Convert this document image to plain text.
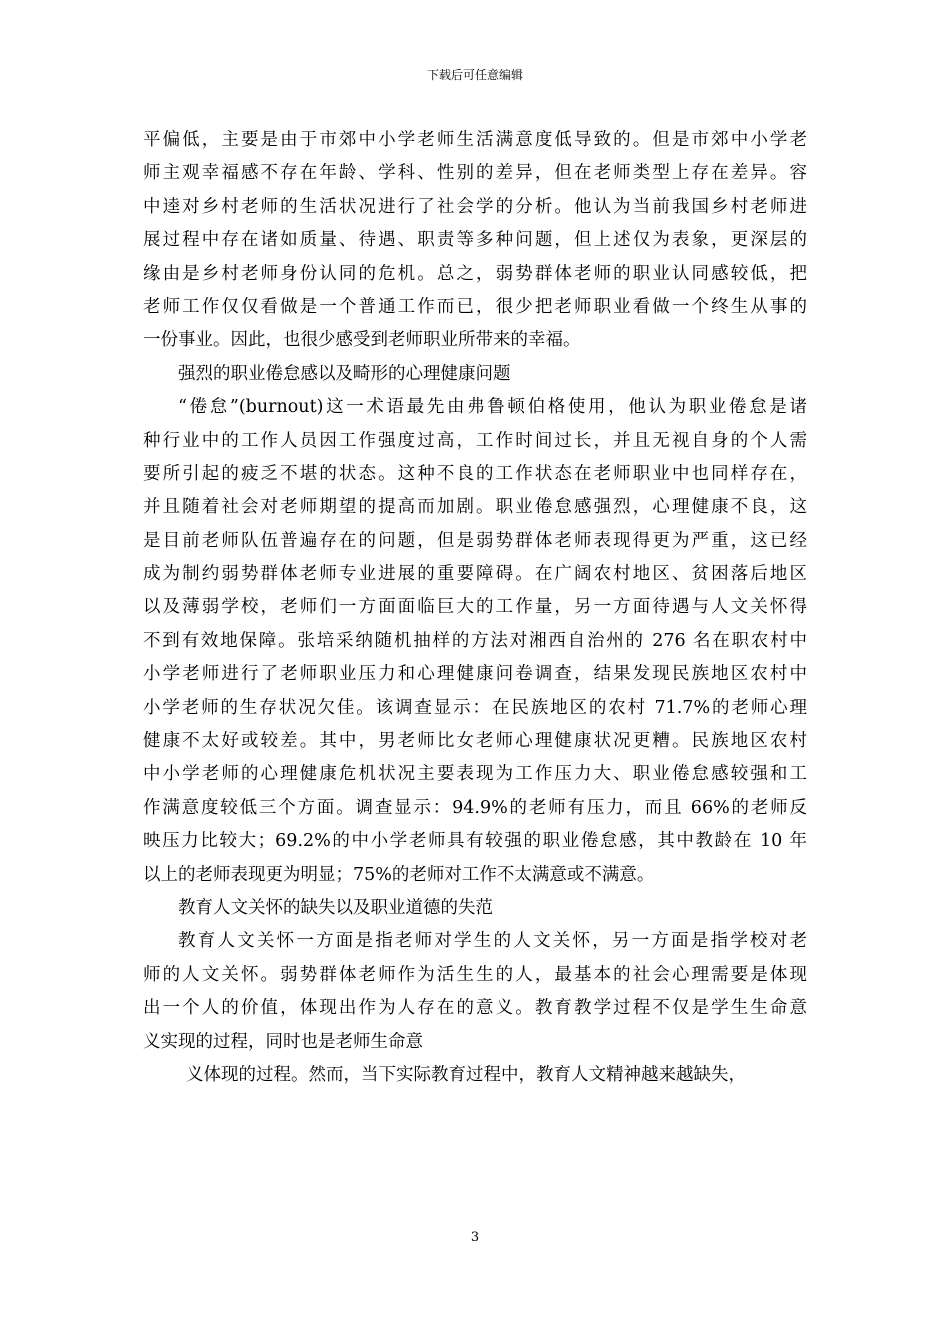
下载后可任意编辑
平偏低，主要是由于市郊中小学老师生活满意度低导致的。但是市郊中小学老
师主观幸福感不存在年龄、学科、性别的差异，但在老师类型上存在差异。容
中逵对乡村老师的生活状况进行了社会学的分析。他认为当前我国乡村老师进
展过程中存在诸如质量、待遇、职责等多种问题，但上述仅为表象，更深层的
缘由是乡村老师身份认同的危机。总之，弱势群体老师的职业认同感较低，把
老师工作仅仅看做是一个普通工作而已，很少把老师职业看做一个终生从事的
一份事业。因此，也很少感受到老师职业所带来的幸福。
强烈的职业倦怠感以及畸形的心理健康问题
“倦怠”(burnout)这一术语最先由弗鲁顿伯格使用，他认为职业倦怠是诸
种行业中的工作人员因工作强度过高，工作时间过长，并且无视自身的个人需
要所引起的疲乏不堪的状态。这种不良的工作状态在老师职业中也同样存在，
并且随着社会对老师期望的提高而加剧。职业倦怠感强烈，心理健康不良，这
是目前老师队伍普遍存在的问题，但是弱势群体老师表现得更为严重，这已经
成为制约弱势群体老师专业进展的重要障碍。在广阔农村地区、贫困落后地区
以及薄弱学校，老师们一方面面临巨大的工作量，另一方面待遇与人文关怀得
不到有效地保障。张培采纳随机抽样的方法对湘西自治州的 276 名在职农村中
小学老师进行了老师职业压力和心理健康问卷调查，结果发现民族地区农村中
小学老师的生存状况欠佳。该调查显示：在民族地区的农村 71.7%的老师心理
健康不太好或较差。其中，男老师比女老师心理健康状况更糟。民族地区农村
中小学老师的心理健康危机状况主要表现为工作压力大、职业倦怠感较强和工
作满意度较低三个方面。调查显示：94.9%的老师有压力，而且 66%的老师反
映压力比较大；69.2%的中小学老师具有较强的职业倦怠感，其中教龄在 10 年
以上的老师表现更为明显；75%的老师对工作不太满意或不满意。
教育人文关怀的缺失以及职业道德的失范
教育人文关怀一方面是指老师对学生的人文关怀，另一方面是指学校对老
师的人文关怀。弱势群体老师作为活生生的人，最基本的社会心理需要是体现
出一个人的价值，体现出作为人存在的意义。教育教学过程不仅是学生生命意
义实现的过程，同时也是老师生命意
义体现的过程。然而，当下实际教育过程中，教育人文精神越来越缺失，
3
